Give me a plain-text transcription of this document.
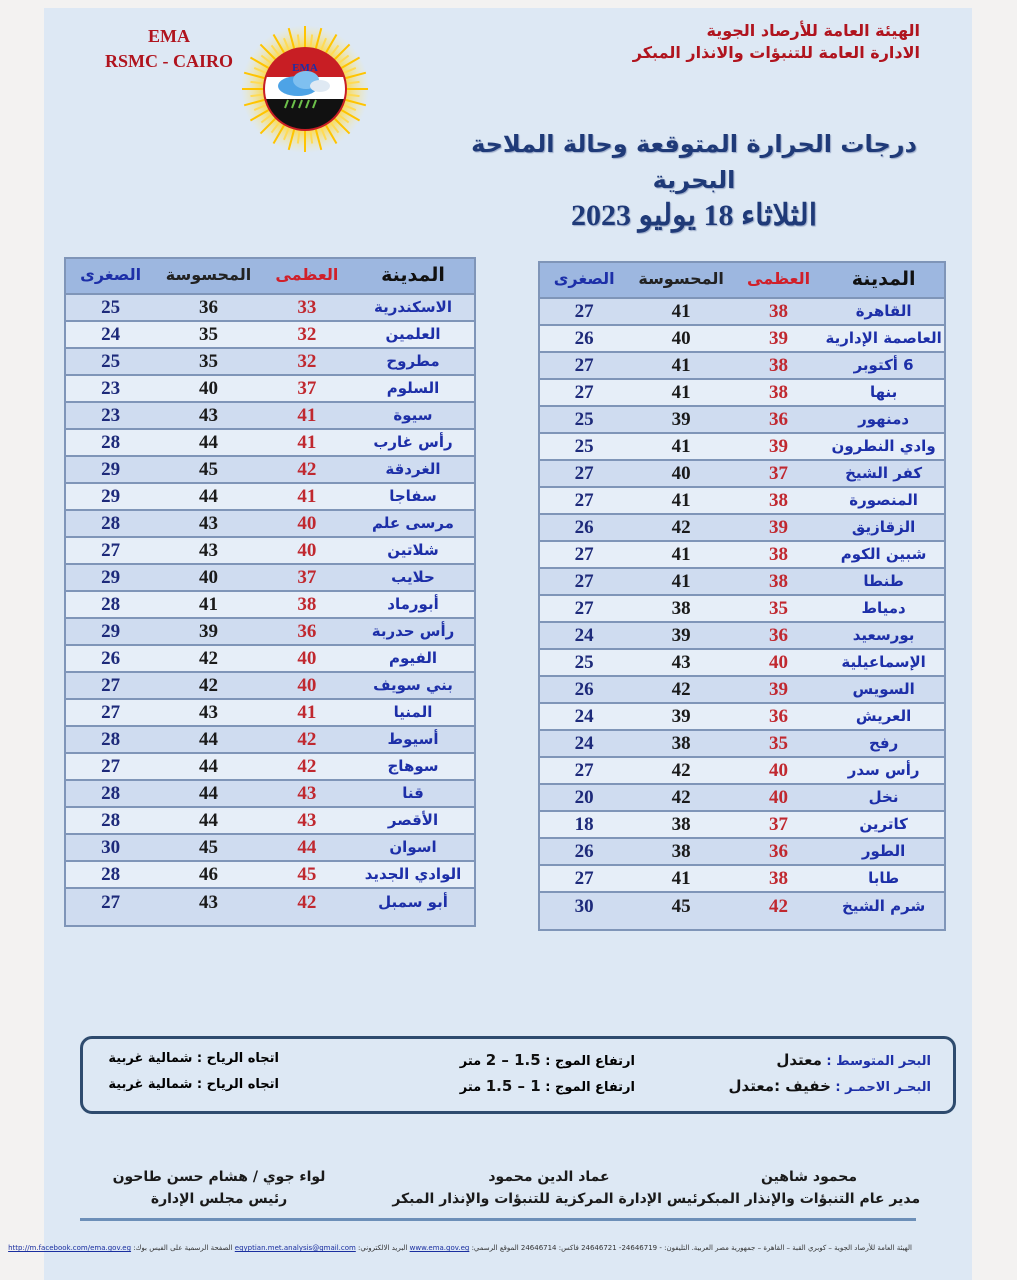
الهيئة العامة للأرصاد الجوية
الادارة العامة للتنبؤات والانذار المبكر
EMA
RSMC - CAIRO	EMA
درجات الحرارة المتوقعة وحالة الملاحة البحرية
الثلاثاء 18 يوليو 2023
المدينة	العظمى	المحسوسة	الصغرى
القاهرة	38	41	27
العاصمة الإدارية	39	40	26
6 أكتوبر	38	41	27
بنها	38	41	27
دمنهور	36	39	25
وادي النطرون	39	41	25
كفر الشيخ	37	40	27
المنصورة	38	41	27
الزقازيق	39	42	26
شبين الكوم	38	41	27
طنطا	38	41	27
دمياط	35	38	27
بورسعيد	36	39	24
الإسماعيلية	40	43	25
السويس	39	42	26
العريش	36	39	24
رفح	35	38	24
رأس سدر	40	42	27
نخل	40	42	20
كاترين	37	38	18
الطور	36	38	26
طابا	38	41	27
شرم الشيخ	42	45	30
المدينة	العظمى	المحسوسة	الصغرى
الاسكندرية	33	36	25
العلمين	32	35	24
مطروح	32	35	25
السلوم	37	40	23
سيوة	41	43	23
رأس غارب	41	44	28
الغردقة	42	45	29
سفاجا	41	44	29
مرسى علم	40	43	28
شلاتين	40	43	27
حلايب	37	40	29
أبورماد	38	41	28
رأس حدربة	36	39	29
الفيوم	40	42	26
بني سويف	40	42	27
المنيا	41	43	27
أسيوط	42	44	28
سوهاج	42	44	27
قنا	43	44	28
الأقصر	43	44	28
اسوان	44	45	30
الوادي الجديد	45	46	28
أبو سمبل	42	43	27
البحر المتوسط : معتدل
ارتفاع الموج : 1.5 – 2 متر
اتجاه الرياح : شمالية غربية
البحـر الاحمـر : خفيف :معتدل
ارتفاع الموج : 1 – 1.5 متر
اتجاه الرياح : شمالية غربية
محمود شاهين
مدير عام التنبؤات والإنذار المبكر
عماد الدين محمود
رئيس الإدارة المركزية للتنبؤات والإنذار المبكر
لواء جوي / هشام حسن طاحون
رئيس مجلس الإدارة
الهيئة العامة للأرصاد الجوية – كوبري القبة – القاهرة – جمهورية مصر العربية. التليفون: - 24646719- 24646721 فاكس: 24646714 الموقع الرسمي: www.ema.gov.eg البريد الالكتروني: egyptian.met.analysis@gmail.com الصفحة الرسمية على الفيس بوك: http://m.facebook.com/ema.gov.eg
